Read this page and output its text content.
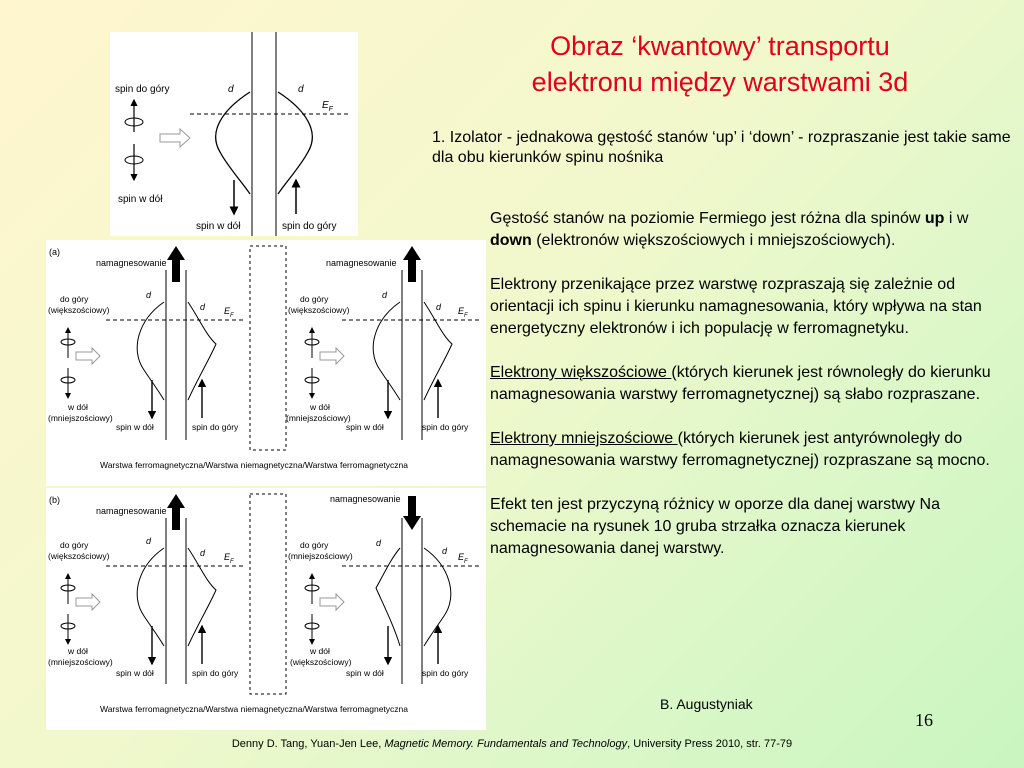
Obraz ‘kwantowy’ transportu
elektronu między warstwami 3d

1. Izolator - jednakowa gęstość stanów ‘up’ i ‘down’ - rozpraszanie jest takie same dla obu kierunków spinu nośnika

Gęstość stanów na poziomie Fermiego jest różna dla spinów up i w down (elektronów większościowych i mniejszościowych).

Elektrony przenikające przez warstwę rozpraszają się zależnie od orientacji ich spinu i kierunku namagnesowania, który wpływa na stan energetyczny elektronów i ich populację w ferromagnetyku.

Elektrony większościowe (których kierunek jest równoległy do kierunku namagnesowania warstwy ferromagnetycznej) są słabo rozpraszane.

Elektrony mniejszościowe (których kierunek jest antyrównoległy do namagnesowania warstwy ferromagnetycznej) rozpraszane są mocno.

Efekt ten jest przyczyną różnicy w oporze dla danej warstwy Na schemacie na rysunek 10 gruba strzałka oznacza kierunek namagnesowania danej warstwy.

B. Augustyniak
16
Denny D. Tang, Yuan-Jen Lee, Magnetic Memory. Fundamentals and Technology, University Press 2010, str. 77-79
spin do góry
spin w dół
d	d
$E_F$
spin w dół	spin do góry
(a)
namagnesowanie
d
d $E_F$
do góry
(większościowy)
w dół
(mniejszościowy)
spin w dół	spin do góry
namagnesowanie
d
d $E_F$
do góry
(większościowy)
w dół
(mniejszościowy)
spin w dół	spin do góry
Warstwa ferromagnetyczna/Warstwa niemagnetyczna/Warstwa ferromagnetyczna
(b)
namagnesowanie
d
d $E_F$
do góry
(większościowy)
w dół
(mniejszościowy)
spin w dół	spin do góry
namagnesowanie
d
d
$E_F$
do góry
(mniejszościowy)
w dół
(większościowy)
spin w dół	spin do góry
Warstwa ferromagnetyczna/Warstwa niemagnetyczna/Warstwa ferromagnetyczna
